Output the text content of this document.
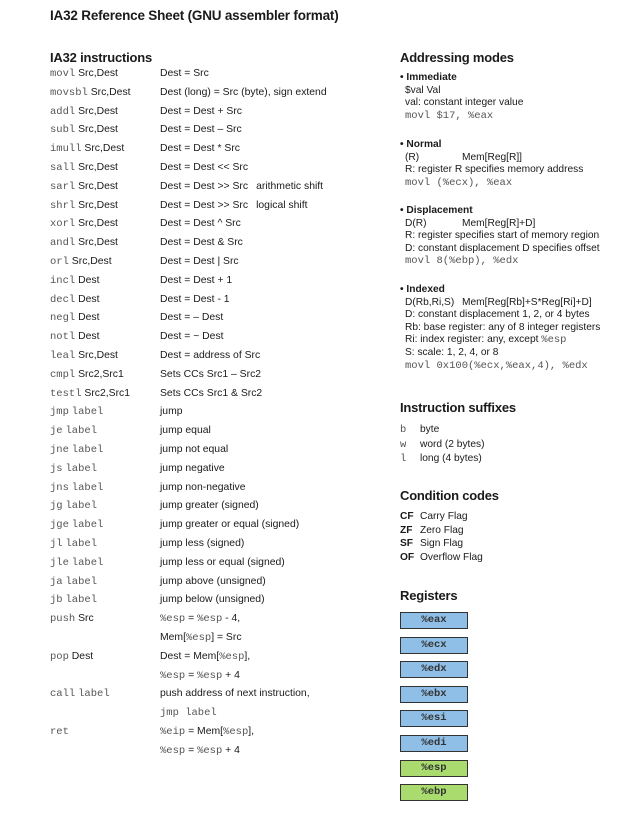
IA32 Reference Sheet (GNU assembler format)
IA32 instructions
movl Src,Dest	Dest = Src
movsbl Src,Dest	Dest (long) = Src (byte), sign extend
addl Src,Dest	Dest = Dest + Src
subl Src,Dest	Dest = Dest – Src
imull Src,Dest	Dest = Dest * Src
sall Src,Dest	Dest = Dest << Src
sarl Src,Dest	Dest = Dest >> Src arithmetic shift
shrl Src,Dest	Dest = Dest >> Src logical shift
xorl Src,Dest	Dest = Dest ^ Src
andl Src,Dest	Dest = Dest & Src
orl Src,Dest	Dest = Dest | Src
incl Dest	Dest = Dest + 1
decl Dest	Dest = Dest - 1
negl Dest	Dest = – Dest
notl Dest	Dest = ~ Dest
leal Src,Dest	Dest = address of Src
cmpl Src2,Src1	Sets CCs Src1 – Src2
testl Src2,Src1	Sets CCs Src1 & Src2
jmp label	jump
je label	jump equal
jne label	jump not equal
js label	jump negative
jns label	jump non-negative
jg label	jump greater (signed)
jge label	jump greater or equal (signed)
jl label	jump less (signed)
jle label	jump less or equal (signed)
ja label	jump above (unsigned)
jb label	jump below (unsigned)
push Src	%esp = %esp - 4,
Mem[%esp] = Src
pop Dest	Dest = Mem[%esp],
%esp = %esp + 4
call label	push address of next instruction,
jmp label
ret	%eip = Mem[%esp],
%esp = %esp + 4
Addressing modes
• Immediate
$val Val
val: constant integer value
movl $17, %eax
• Normal
(R)	Mem[Reg[R]]
R: register R specifies memory address
movl (%ecx), %eax
• Displacement
D(R)	Mem[Reg[R]+D]
R: register specifies start of memory region
D: constant displacement D specifies offset
movl 8(%ebp), %edx
• Indexed
D(Rb,Ri,S) Mem[Reg[Rb]+S*Reg[Ri]+D]
D: constant displacement 1, 2, or 4 bytes
Rb: base register: any of 8 integer registers
Ri: index register: any, except %esp
S: scale: 1, 2, 4, or 8
movl 0x100(%ecx,%eax,4), %edx
Instruction suffixes
b byte
w word (2 bytes)
l long (4 bytes)
Condition codes
CF Carry Flag
ZF Zero Flag
SF Sign Flag
OF Overflow Flag
Registers
%eax
%ecx
%edx
%ebx
%esi
%edi
%esp
%ebp
